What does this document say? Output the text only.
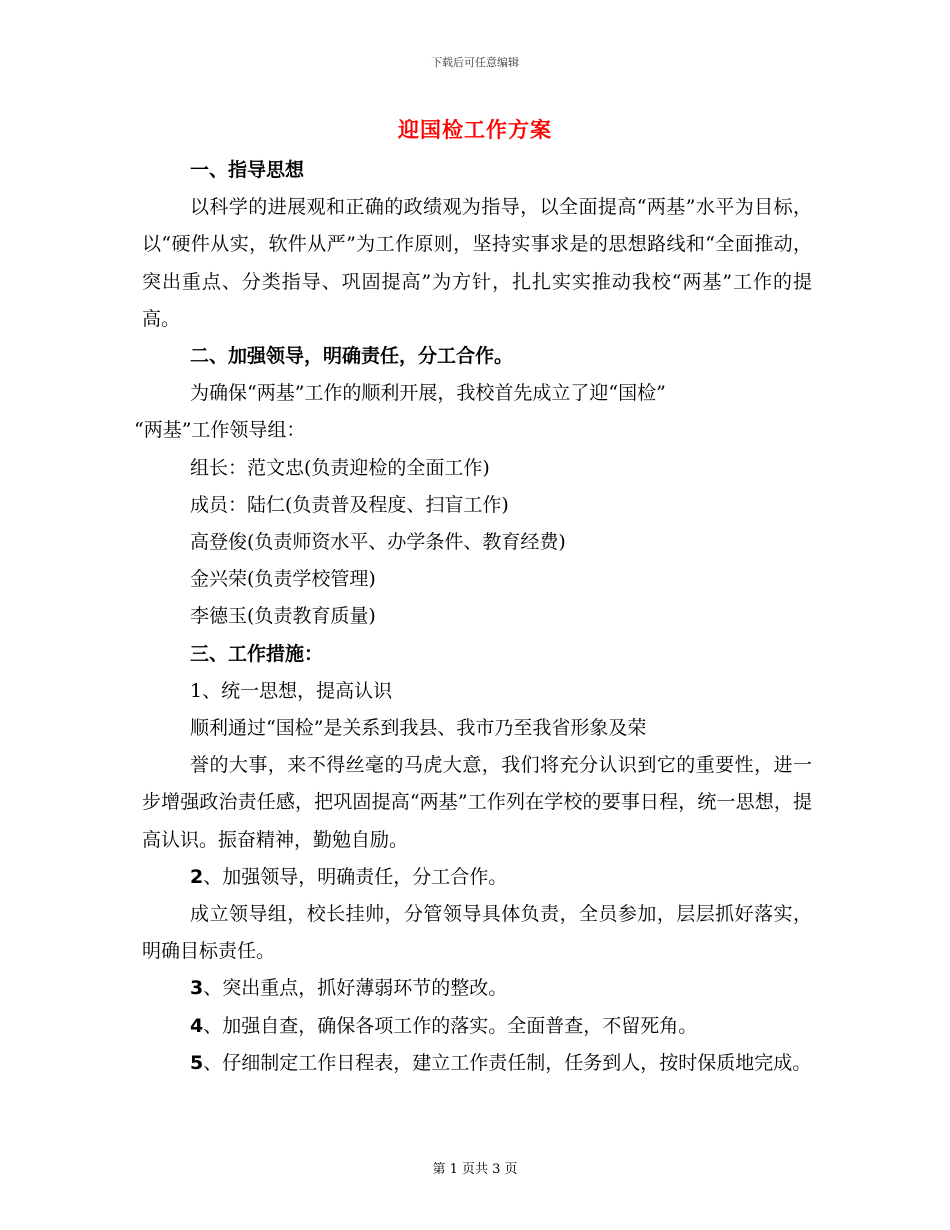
下载后可任意编辑
迎国检工作方案

一、指导思想

以科学的进展观和正确的政绩观为指导，以全面提高“两基”水平为目标，以“硬件从实，软件从严”为工作原则，坚持实事求是的思想路线和“全面推动，突出重点、分类指导、巩固提高”为方针，扎扎实实推动我校“两基”工作的提高。

二、加强领导，明确责任，分工合作。

为确保“两基”工作的顺利开展，我校首先成立了迎“国检”

“两基”工作领导组：

组长：范文忠(负责迎检的全面工作)

成员：陆仁(负责普及程度、扫盲工作)

高登俊(负责师资水平、办学条件、教育经费)

金兴荣(负责学校管理)

李德玉(负责教育质量)

三、工作措施：

1、统一思想，提高认识

顺利通过“国检”是关系到我县、我市乃至我省形象及荣

誉的大事，来不得丝毫的马虎大意，我们将充分认识到它的重要性，进一步增强政治责任感，把巩固提高“两基”工作列在学校的要事日程，统一思想，提高认识。振奋精神，勤勉自励。

2、加强领导，明确责任，分工合作。

成立领导组，校长挂帅，分管领导具体负责，全员参加，层层抓好落实，明确目标责任。

3、突出重点，抓好薄弱环节的整改。

4、加强自查，确保各项工作的落实。全面普查，不留死角。

5、仔细制定工作日程表，建立工作责任制，任务到人，按时保质地完成。

第 1 页共 3 页
